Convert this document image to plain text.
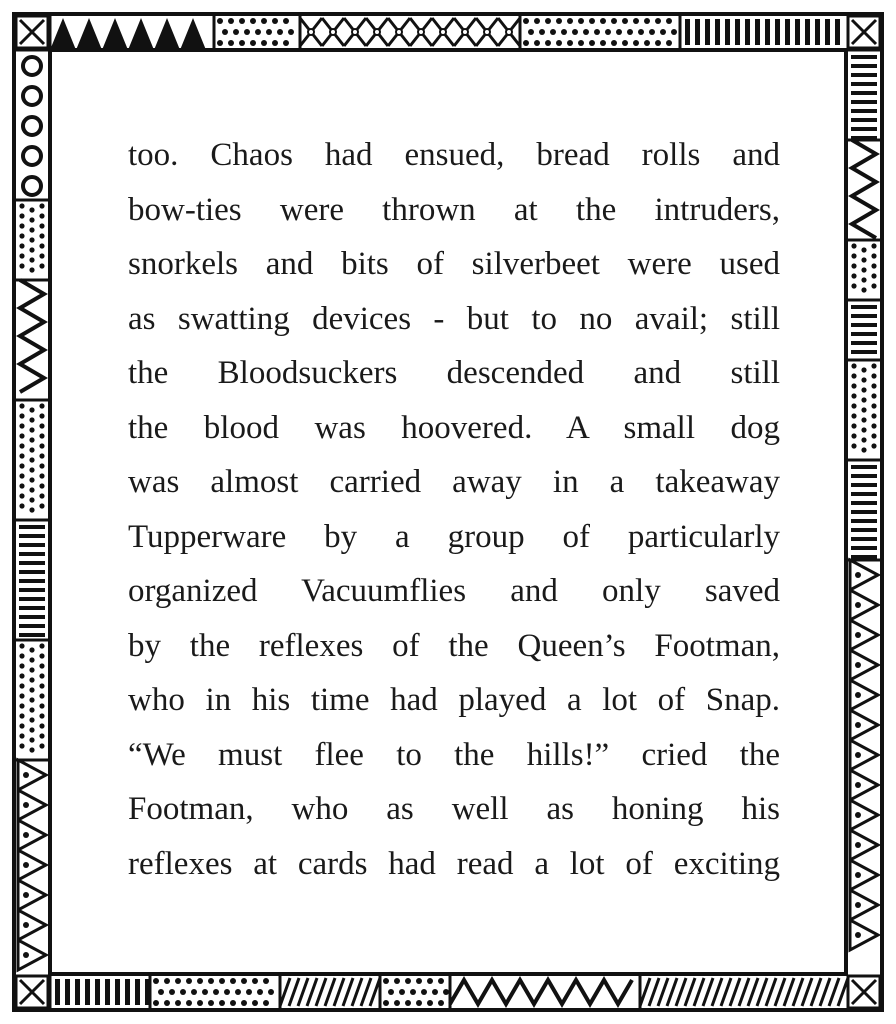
too. Chaos had ensued, bread rolls and
bow-ties were thrown at the intruders,
snorkels and bits of silverbeet were used
as swatting devices - but to no avail; still
the Bloodsuckers descended and still
the blood was hoovered. A small dog
was almost carried away in a takeaway
Tupperware by a group of particularly
organized Vacuumflies and only saved
by the reflexes of the Queen’s Footman,
who in his time had played a lot of Snap.
“We must flee to the hills!” cried the
Footman, who as well as honing his
reflexes at cards had read a lot of exciting
